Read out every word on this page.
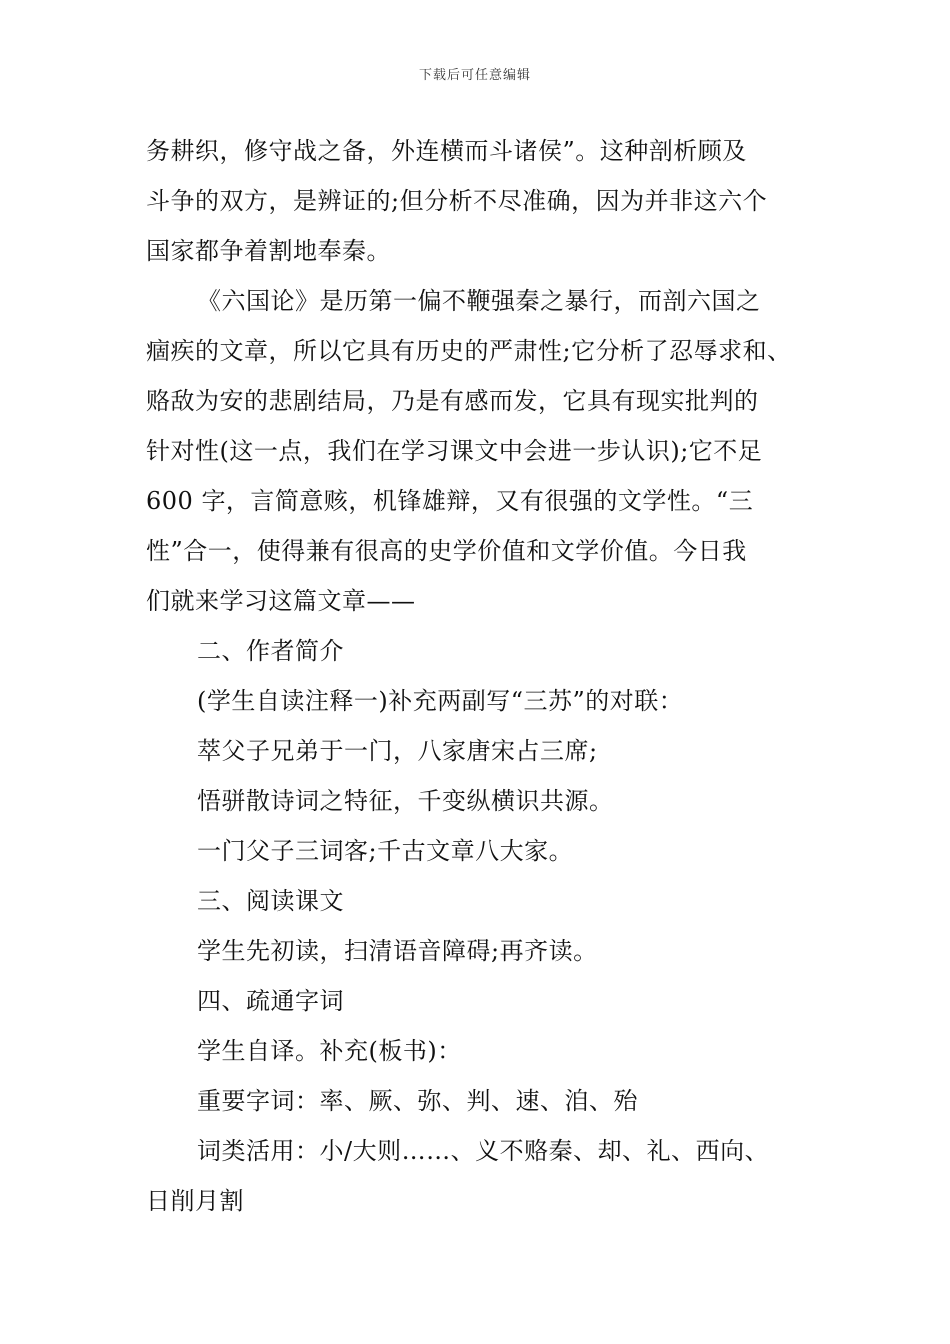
下载后可任意编辑
务耕织，修守战之备，外连横而斗诸侯”。这种剖析顾及
斗争的双方，是辨证的;但分析不尽准确，因为并非这六个
国家都争着割地奉秦。
《六国论》是历第一偏不鞭强秦之暴行，而剖六国之
痼疾的文章，所以它具有历史的严肃性;它分析了忍辱求和、
赂敌为安的悲剧结局，乃是有感而发，它具有现实批判的
针对性(这一点，我们在学习课文中会进一步认识);它不足
600 字，言简意赅，机锋雄辩，又有很强的文学性。“三
性”合一，使得兼有很高的史学价值和文学价值。今日我
们就来学习这篇文章——
二、作者简介
(学生自读注释一)补充两副写“三苏”的对联：
萃父子兄弟于一门，八家唐宋占三席;
悟骈散诗词之特征，千变纵横识共源。
一门父子三词客;千古文章八大家。
三、阅读课文
学生先初读，扫清语音障碍;再齐读。
四、疏通字词
学生自译。补充(板书)：
重要字词：率、厥、弥、判、速、洎、殆
词类活用：小/大则……、义不赂秦、却、礼、西向、
日削月割
